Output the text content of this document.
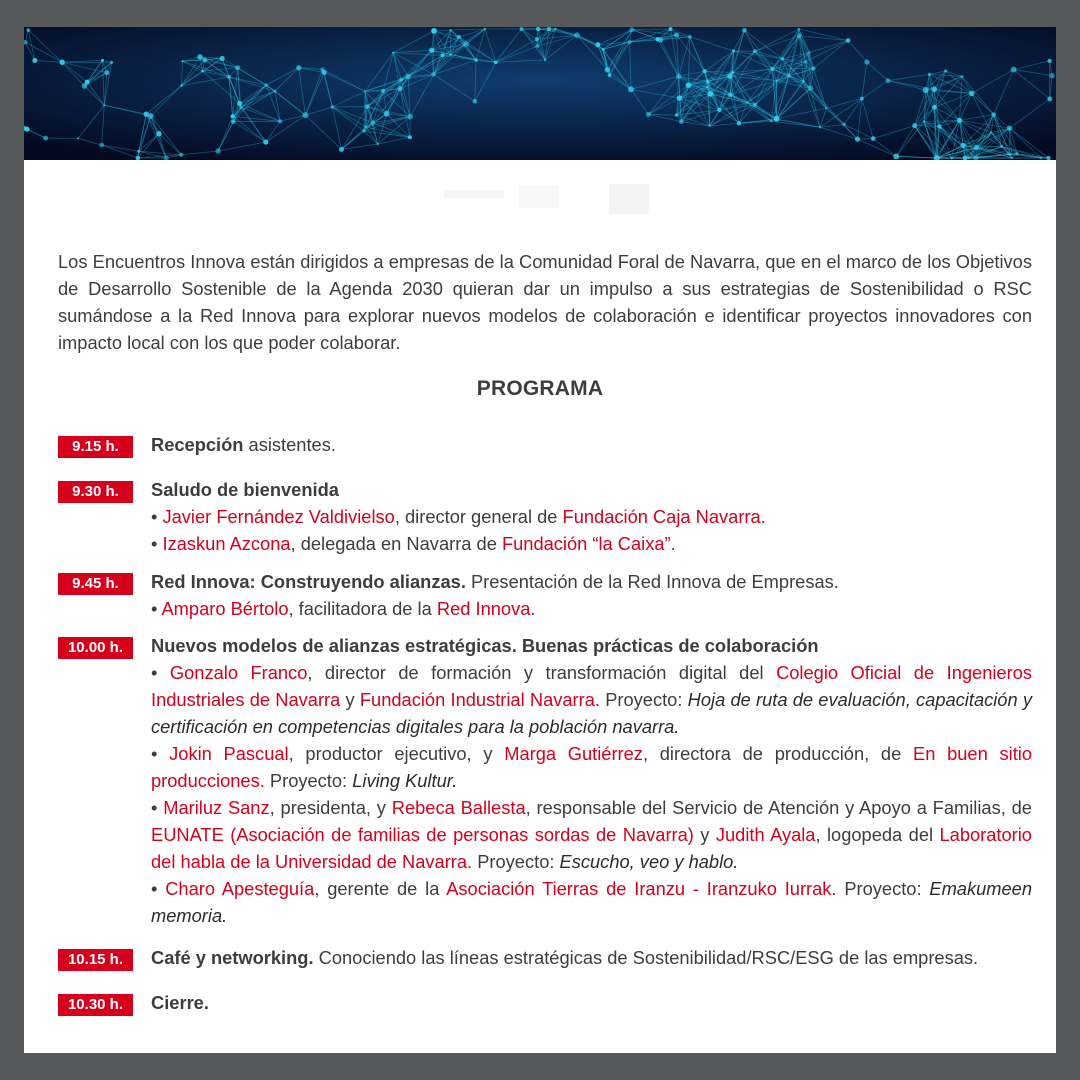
Los Encuentros Innova están dirigidos a empresas de la Comunidad Foral de Navarra, que en el marco de los Objetivos de Desarrollo Sostenible de la Agenda 2030 quieran dar un impulso a sus estrategias de Sostenibilidad o RSC sumándose a la Red Innova para explorar nuevos modelos de colaboración e identificar proyectos innovadores con impacto local con los que poder colaborar.

PROGRAMA
9.15 h.	Recepción asistentes.

9.30 h.	Saludo de bienvenida

• Javier Fernández Valdivielso, director general de Fundación Caja Navarra.

• Izaskun Azcona, delegada en Navarra de Fundación “la Caixa”.

9.45 h.	Red Innova: Construyendo alianzas. Presentación de la Red Innova de Empresas.

• Amparo Bértolo, facilitadora de la Red Innova.

10.00 h.	Nuevos modelos de alianzas estratégicas. Buenas prácticas de colaboración

• Gonzalo Franco, director de formación y transformación digital del Colegio Oficial de Ingenieros Industriales de Navarra y Fundación Industrial Navarra. Proyecto: Hoja de ruta de evaluación, capacitación y certificación en competencias digitales para la población navarra.

• Jokin Pascual, productor ejecutivo, y Marga Gutiérrez, directora de producción, de En buen sitio producciones. Proyecto: Living Kultur.

• Mariluz Sanz, presidenta, y Rebeca Ballesta, responsable del Servicio de Atención y Apoyo a Familias, de EUNATE (Asociación de familias de personas sordas de Navarra) y Judith Ayala, logopeda del Laboratorio del habla de la Universidad de Navarra. Proyecto: Escucho, veo y hablo.

• Charo Apesteguía, gerente de la Asociación Tierras de Iranzu - Iranzuko Iurrak. Proyecto: Emakumeen memoria.

10.15 h.	Café y networking. Conociendo las líneas estratégicas de Sostenibilidad/RSC/ESG de las empresas.

10.30 h.	Cierre.
